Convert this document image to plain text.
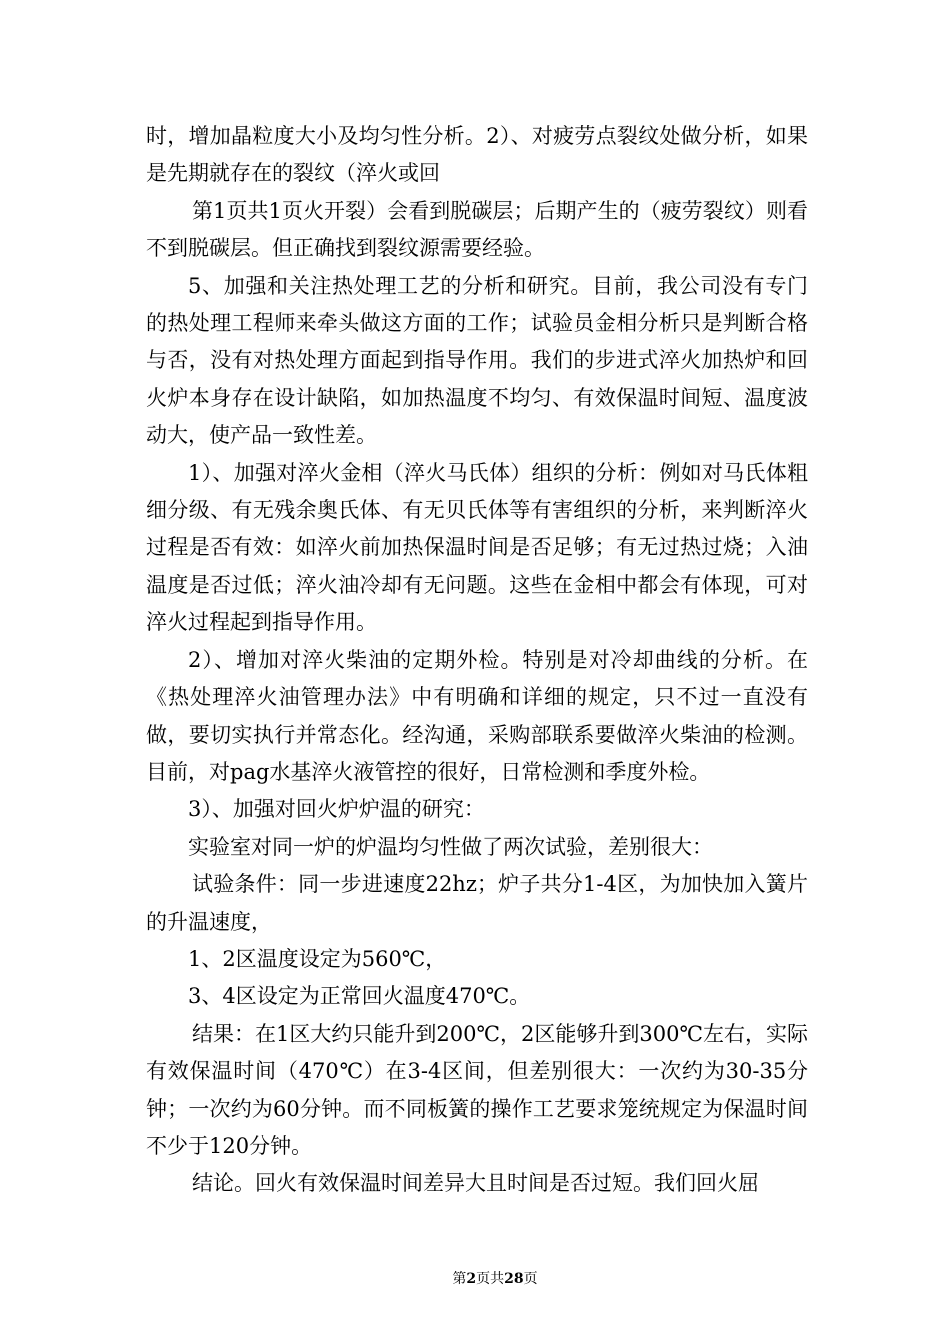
时，增加晶粒度大小及均匀性分析。2）、对疲劳点裂纹处做分析，如果是先期就存在的裂纹（淬火或回

第1页共1页火开裂）会看到脱碳层；后期产生的（疲劳裂纹）则看不到脱碳层。但正确找到裂纹源需要经验。

5、加强和关注热处理工艺的分析和研究。目前，我公司没有专门的热处理工程师来牵头做这方面的工作；试验员金相分析只是判断合格与否，没有对热处理方面起到指导作用。我们的步进式淬火加热炉和回火炉本身存在设计缺陷，如加热温度不均匀、有效保温时间短、温度波动大，使产品一致性差。

1）、加强对淬火金相（淬火马氏体）组织的分析：例如对马氏体粗细分级、有无残余奥氏体、有无贝氏体等有害组织的分析，来判断淬火过程是否有效：如淬火前加热保温时间是否足够；有无过热过烧；入油温度是否过低；淬火油冷却有无问题。这些在金相中都会有体现，可对淬火过程起到指导作用。

2）、增加对淬火柴油的定期外检。特别是对冷却曲线的分析。在《热处理淬火油管理办法》中有明确和详细的规定，只不过一直没有做，要切实执行并常态化。经沟通，采购部联系要做淬火柴油的检测。目前，对pag水基淬火液管控的很好，日常检测和季度外检。

3）、加强对回火炉炉温的研究：

实验室对同一炉的炉温均匀性做了两次试验，差别很大：

试验条件：同一步进速度22hz；炉子共分1-4区，为加快加入簧片的升温速度，

1、2区温度设定为560℃，

3、4区设定为正常回火温度470℃。

结果：在1区大约只能升到200℃，2区能够升到300℃左右，实际有效保温时间（470℃）在3-4区间，但差别很大：一次约为30-35分钟；一次约为60分钟。而不同板簧的操作工艺要求笼统规定为保温时间不少于120分钟。

结论。回火有效保温时间差异大且时间是否过短。我们回火屈

第2页共28页
